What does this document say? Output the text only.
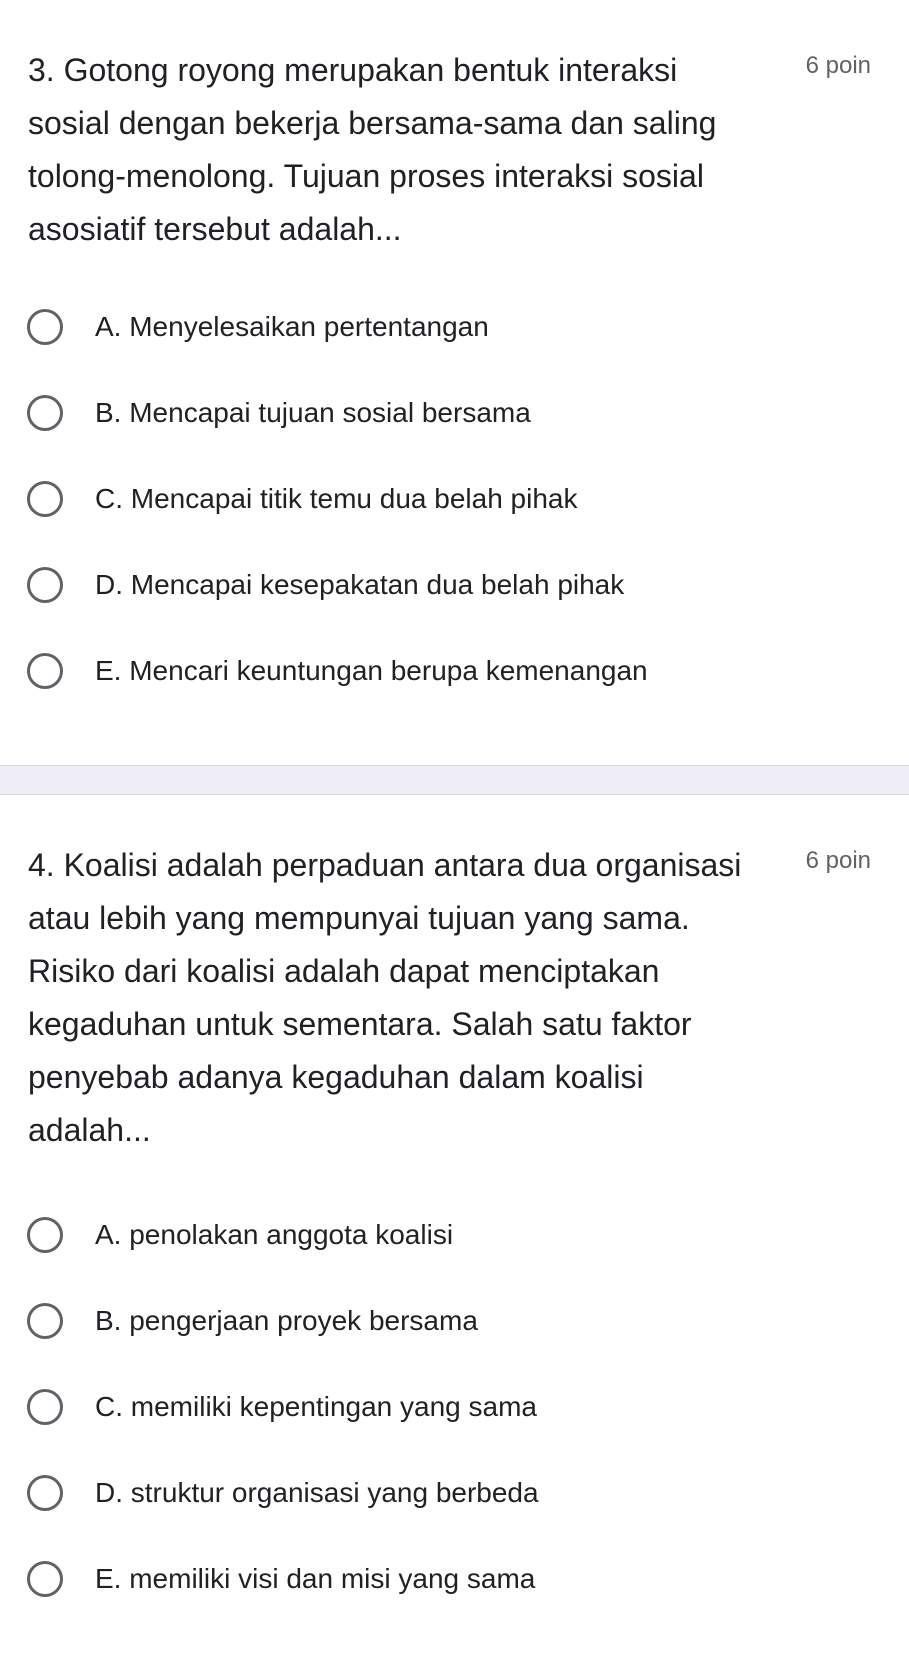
3. Gotong royong merupakan bentuk interaksi
sosial dengan bekerja bersama-sama dan saling
tolong-menolong. Tujuan proses interaksi sosial
asosiatif tersebut adalah...
6 poin
A. Menyelesaikan pertentangan
B. Mencapai tujuan sosial bersama
C. Mencapai titik temu dua belah pihak
D. Mencapai kesepakatan dua belah pihak
E. Mencari keuntungan berupa kemenangan
4. Koalisi adalah perpaduan antara dua organisasi
atau lebih yang mempunyai tujuan yang sama.
Risiko dari koalisi adalah dapat menciptakan
kegaduhan untuk sementara. Salah satu faktor
penyebab adanya kegaduhan dalam koalisi
adalah...
6 poin
A. penolakan anggota koalisi
B. pengerjaan proyek bersama
C. memiliki kepentingan yang sama
D. struktur organisasi yang berbeda
E. memiliki visi dan misi yang sama
